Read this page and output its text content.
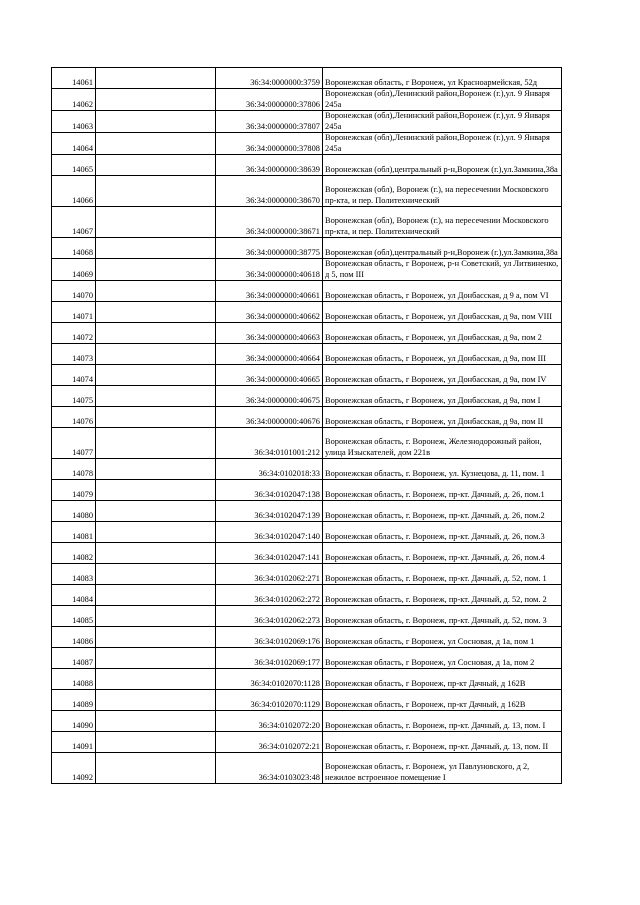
14061		36:34:0000000:3759	Воронежская область, г Воронеж, ул Красноармейская, 52д
14062		36:34:0000000:37806	Воронежская (обл),Ленинский район,Воронеж (г.),ул. 9 Января 245а
14063		36:34:0000000:37807	Воронежская (обл),Ленинский район,Воронеж (г.),ул. 9 Января 245а
14064		36:34:0000000:37808	Воронежская (обл),Ленинский район,Воронеж (г.),ул. 9 Января 245а
14065		36:34:0000000:38639	Воронежская (обл),центральный р-н,Воронеж (г.),ул.Замкина,38а
14066		36:34:0000000:38670	Воронежская (обл), Воронеж (г.), на пересечении Московского пр-кта, и пер. Политехнический
14067		36:34:0000000:38671	Воронежская (обл), Воронеж (г.), на пересечении Московского пр-кта, и пер. Политехнический
14068		36:34:0000000:38775	Воронежская (обл),центральный р-н,Воронеж (г.),ул.Замкина,38а
14069		36:34:0000000:40618	Воронежская область, г Воронеж, р-н Советский, ул Литвиненко, д 5, пом III
14070		36:34:0000000:40661	Воронежская область, г Воронеж, ул Донбасская, д 9 а, пом VI
14071		36:34:0000000:40662	Воронежская область, г Воронеж, ул Донбасская, д 9а, пом VIII
14072		36:34:0000000:40663	Воронежская область, г Воронеж, ул Донбасская, д 9а, пом 2
14073		36:34:0000000:40664	Воронежская область, г Воронеж, ул Донбасская, д 9а, пом III
14074		36:34:0000000:40665	Воронежская область, г Воронеж, ул Донбасская, д 9а, пом IV
14075		36:34:0000000:40675	Воронежская область, г Воронеж, ул Донбасская, д 9а, пом I
14076		36:34:0000000:40676	Воронежская область, г Воронеж, ул Донбасская, д 9а, пом II
14077		36:34:0101001:212	Воронежская область, г. Воронеж, Железнодорожный район, улица Изыскателей, дом 221в
14078		36:34:0102018:33	Воронежская область, г. Воронеж, ул. Кузнецова, д. 11, пом. 1
14079		36:34:0102047:138	Воронежская область, г. Воронеж, пр-кт. Дачный, д. 26, пом.1
14080		36:34:0102047:139	Воронежская область, г. Воронеж, пр-кт. Дачный, д. 26, пом.2
14081		36:34:0102047:140	Воронежская область, г. Воронеж, пр-кт. Дачный, д. 26, пом.3
14082		36:34:0102047:141	Воронежская область, г. Воронеж, пр-кт. Дачный, д. 26, пом.4
14083		36:34:0102062:271	Воронежская область, г. Воронеж, пр-кт. Дачный, д. 52, пом. 1
14084		36:34:0102062:272	Воронежская область, г. Воронеж, пр-кт. Дачный, д. 52, пом. 2
14085		36:34:0102062:273	Воронежская область, г. Воронеж, пр-кт. Дачный, д. 52, пом. 3
14086		36:34:0102069:176	Воронежская область, г Воронеж, ул Сосновая, д 1а, пом 1
14087		36:34:0102069:177	Воронежская область, г Воронеж, ул Сосновая, д 1а, пом 2
14088		36:34:0102070:1128	Воронежская область, г Воронеж, пр-кт Дачный, д 162В
14089		36:34:0102070:1129	Воронежская область, г Воронеж, пр-кт Дачный, д 162В
14090		36:34:0102072:20	Воронежская область, г. Воронеж, пр-кт. Дачный, д. 13, пом. I
14091		36:34:0102072:21	Воронежская область, г. Воронеж, пр-кт. Дачный, д. 13, пом. II
14092		36:34:0103023:48	Воронежская область, г. Воронеж, ул Павлуновского, д 2, нежилое встроенное помещение I
